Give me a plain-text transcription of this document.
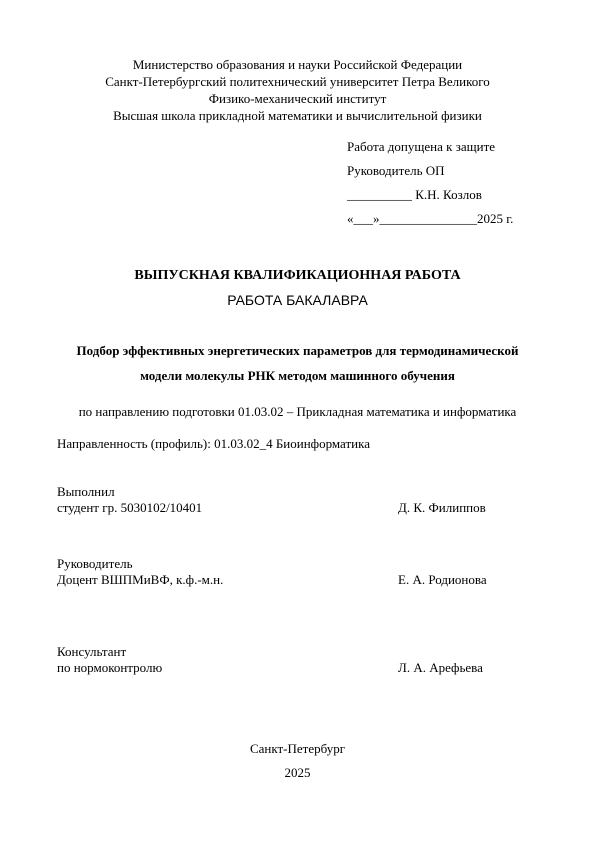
Министерство образования и науки Российской Федерации
Санкт-Петербургский политехнический университет Петра Великого
Физико-механический институт
Высшая школа прикладной математики и вычислительной физики
Работа допущена к защите
Руководитель ОП
__________ К.Н. Козлов
«___»_______________2025 г.
ВЫПУСКНАЯ КВАЛИФИКАЦИОННАЯ РАБОТА
РАБОТА БАКАЛАВРА
Подбор эффективных энергетических параметров для термодинамической
модели молекулы РНК методом машинного обучения
по направлению подготовки 01.03.02 – Прикладная математика и информатика
Направленность (профиль): 01.03.02_4 Биоинформатика
Выполнил
студент гр. 5030102/10401	Д. К. Филиппов
Руководитель
Доцент ВШПМиВФ, к.ф.-м.н.	Е. А. Родионова
Консультант
по нормоконтролю	Л. А. Арефьева
Санкт-Петербург
2025
